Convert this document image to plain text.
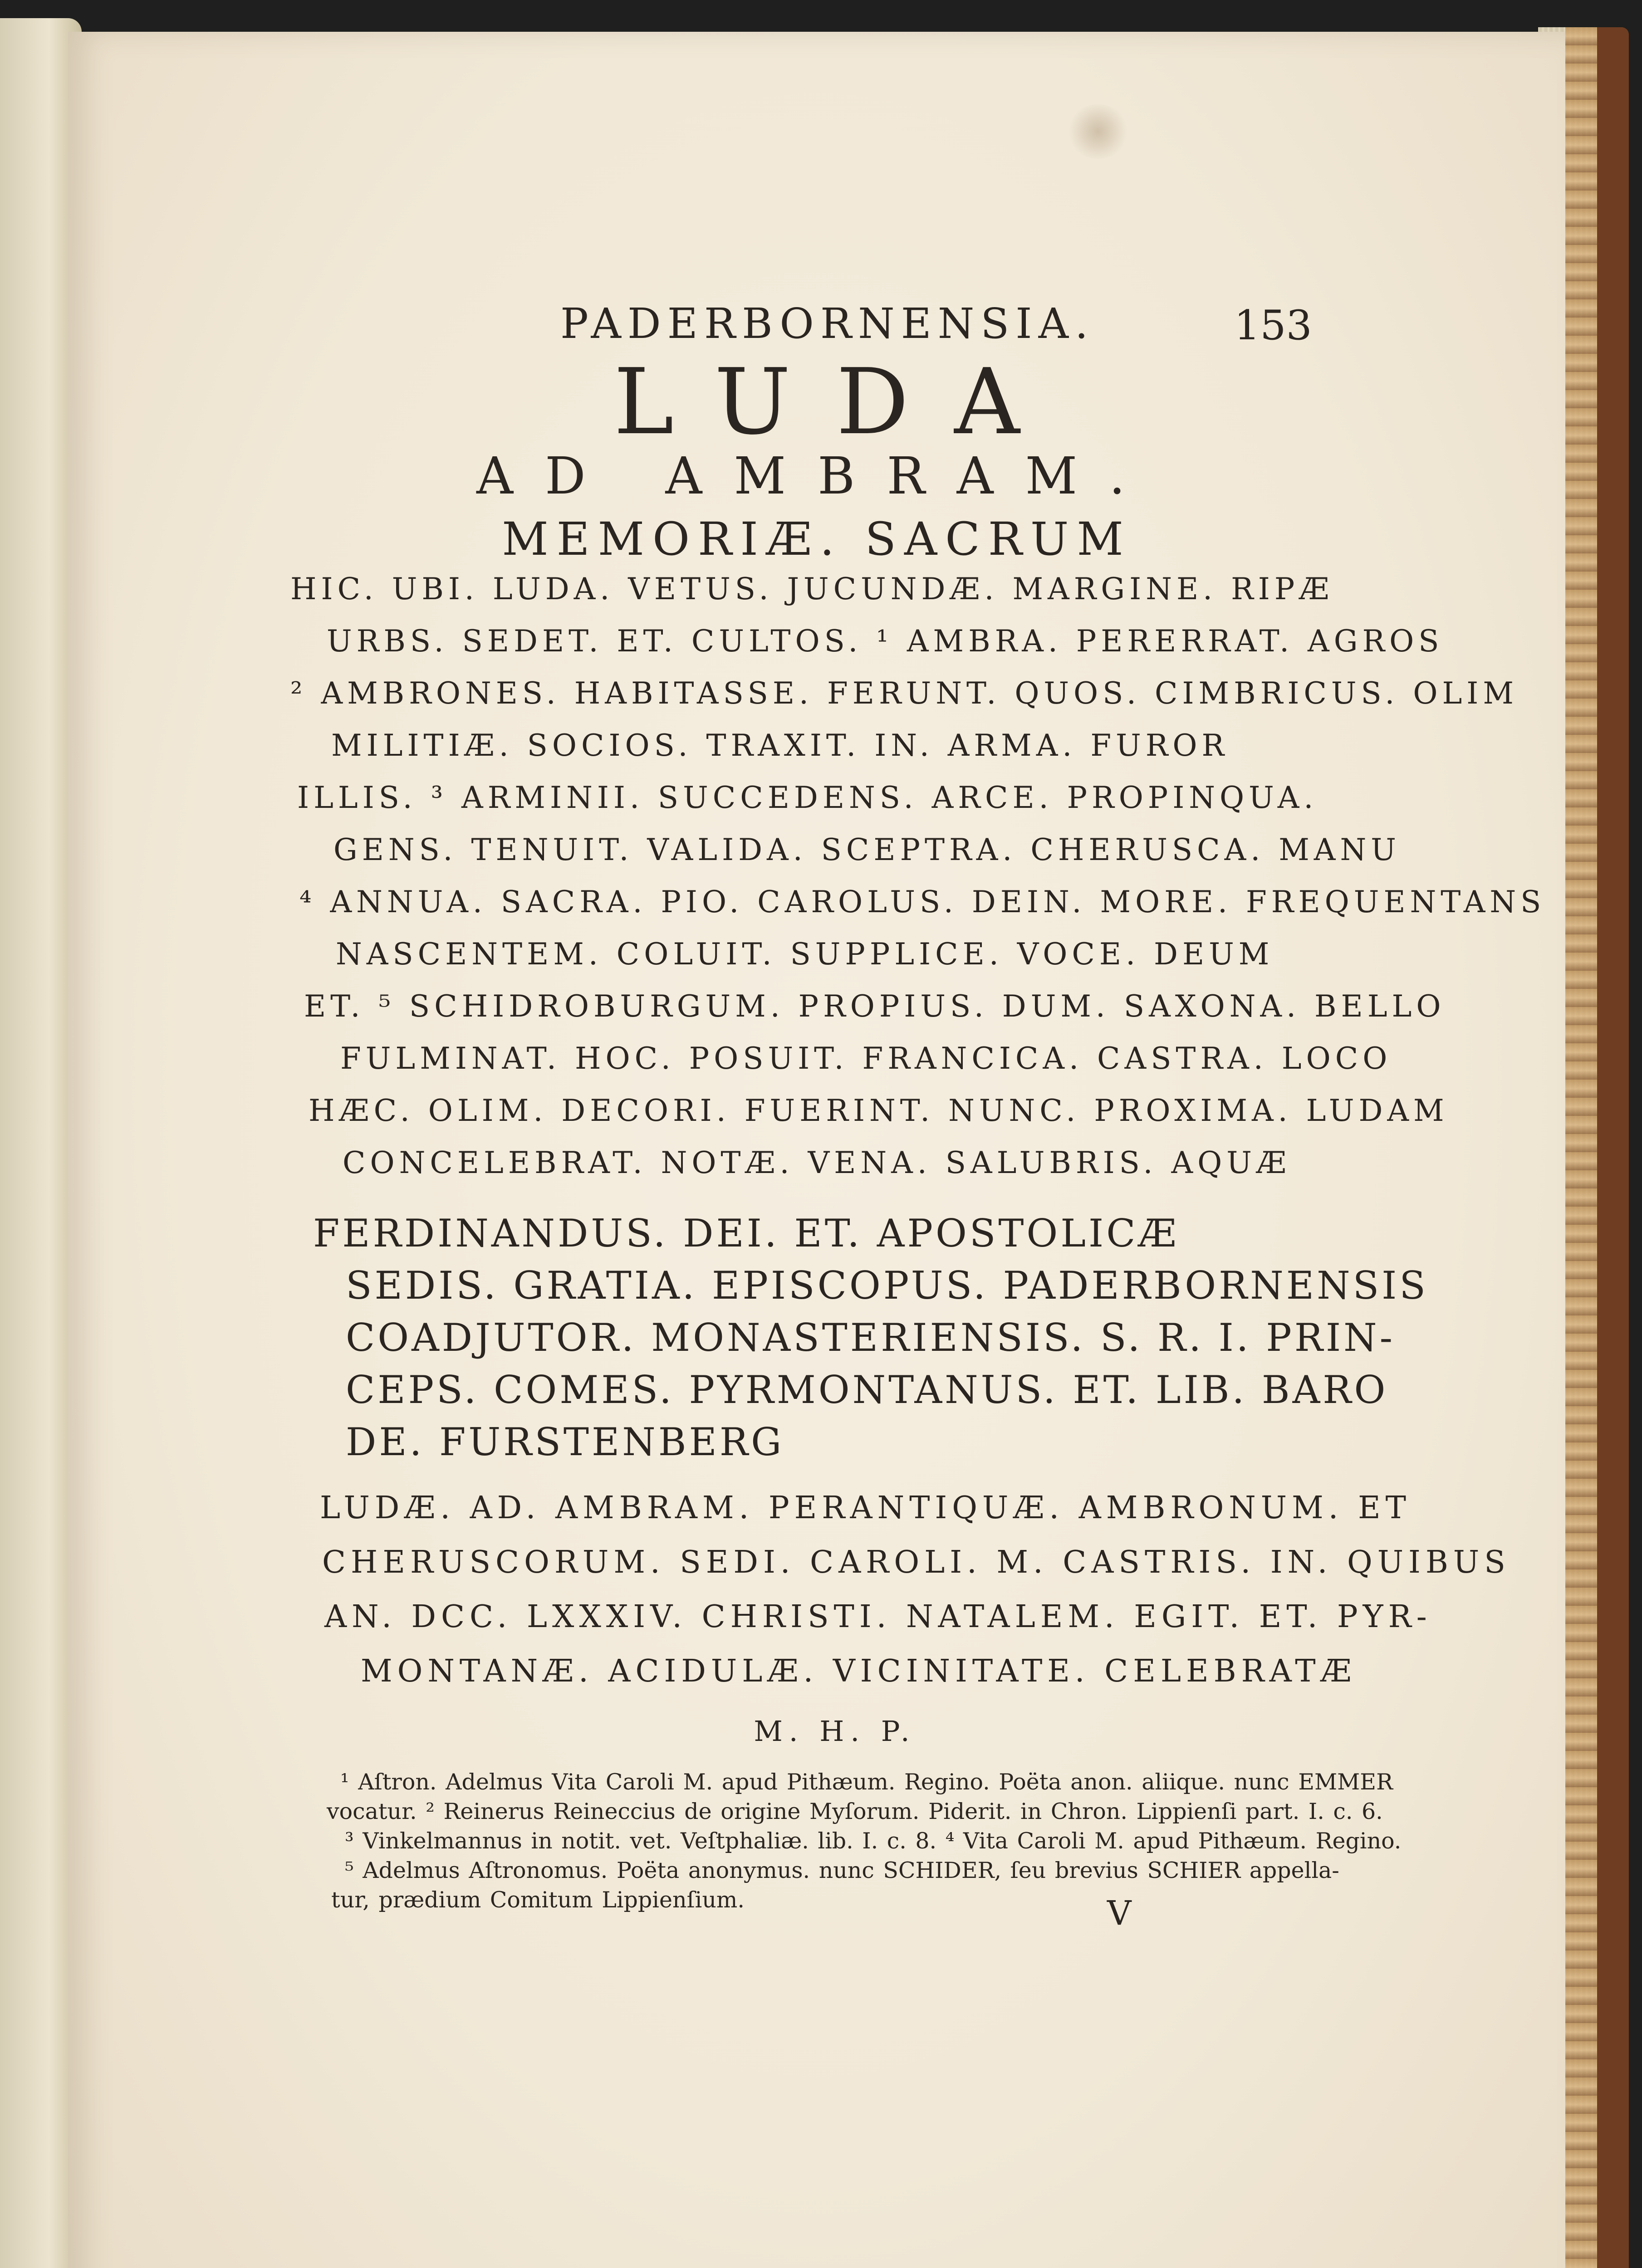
PADERBORNENSIA.	153
LUDA
AD AMBRAM.
MEMORIÆ. SACRUM
HIC. UBI. LUDA. VETUS. JUCUNDÆ. MARGINE. RIPÆ
URBS. SEDET. ET. CULTOS. ¹ AMBRA. PERERRAT. AGROS
² AMBRONES. HABITASSE. FERUNT. QUOS. CIMBRICUS. OLIM
MILITIÆ. SOCIOS. TRAXIT. IN. ARMA. FUROR
ILLIS. ³ ARMINII. SUCCEDENS. ARCE. PROPINQUA.
GENS. TENUIT. VALIDA. SCEPTRA. CHERUSCA. MANU
⁴ ANNUA. SACRA. PIO. CAROLUS. DEIN. MORE. FREQUENTANS
NASCENTEM. COLUIT. SUPPLICE. VOCE. DEUM
ET. ⁵ SCHIDROBURGUM. PROPIUS. DUM. SAXONA. BELLO
FULMINAT. HOC. POSUIT. FRANCICA. CASTRA. LOCO
HÆC. OLIM. DECORI. FUERINT. NUNC. PROXIMA. LUDAM
CONCELEBRAT. NOTÆ. VENA. SALUBRIS. AQUÆ
FERDINANDUS. DEI. ET. APOSTOLICÆ
SEDIS. GRATIA. EPISCOPUS. PADERBORNENSIS
COADJUTOR. MONASTERIENSIS. S. R. I. PRIN-
CEPS. COMES. PYRMONTANUS. ET. LIB. BARO
DE. FURSTENBERG
LUDÆ. AD. AMBRAM. PERANTIQUÆ. AMBRONUM. ET
CHERUSCORUM. SEDI. CAROLI. M. CASTRIS. IN. QUIBUS
AN. DCC. LXXXIV. CHRISTI. NATALEM. EGIT. ET. PYR-
MONTANÆ. ACIDULÆ. VICINITATE. CELEBRATÆ
M. H. P.
¹ Aſtron. Adelmus Vita Caroli M. apud Pithæum. Regino. Poëta anon. aliique. nunc EMMER
vocatur. ² Reinerus Reineccius de origine Myſorum. Piderit. in Chron. Lippienſi part. I. c. 6.
³ Vinkelmannus in notit. vet. Veſtphaliæ. lib. I. c. 8. ⁴ Vita Caroli M. apud Pithæum. Regino.
⁵ Adelmus Aſtronomus. Poëta anonymus. nunc SCHIDER, ſeu brevius SCHIER appella-
tur, prædium Comitum Lippienſium.	V
